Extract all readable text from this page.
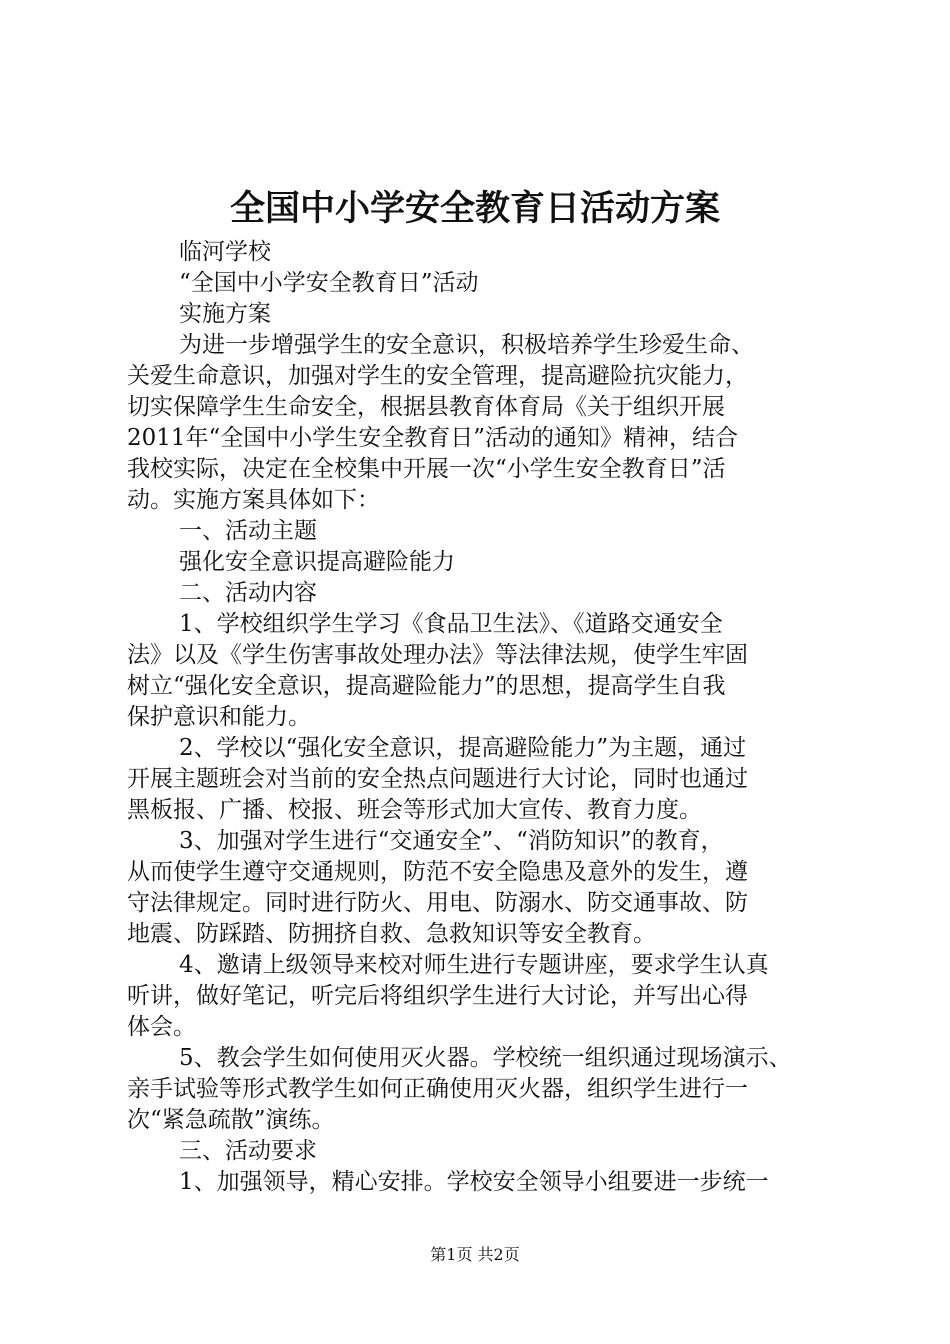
全国中小学安全教育日活动方案
临河学校
“全国中小学安全教育日”活动
实施方案
为进一步增强学生的安全意识，积极培养学生珍爱生命、
关爱生命意识，加强对学生的安全管理，提高避险抗灾能力，
切实保障学生生命安全，根据县教育体育局《关于组织开展
2011年“全国中小学生安全教育日”活动的通知》精神，结合
我校实际，决定在全校集中开展一次“小学生安全教育日”活
动。实施方案具体如下：
一、活动主题
强化安全意识提高避险能力
二、活动内容
1、学校组织学生学习《食品卫生法》、《道路交通安全
法》以及《学生伤害事故处理办法》等法律法规，使学生牢固
树立“强化安全意识，提高避险能力”的思想，提高学生自我
保护意识和能力。
2、学校以“强化安全意识，提高避险能力”为主题，通过
开展主题班会对当前的安全热点问题进行大讨论，同时也通过
黑板报、广播、校报、班会等形式加大宣传、教育力度。
3、加强对学生进行“交通安全”、“消防知识”的教育，
从而使学生遵守交通规则，防范不安全隐患及意外的发生，遵
守法律规定。同时进行防火、用电、防溺水、防交通事故、防
地震、防踩踏、防拥挤自救、急救知识等安全教育。
4、邀请上级领导来校对师生进行专题讲座，要求学生认真
听讲，做好笔记，听完后将组织学生进行大讨论，并写出心得
体会。
5、教会学生如何使用灭火器。学校统一组织通过现场演示、
亲手试验等形式教学生如何正确使用灭火器，组织学生进行一
次“紧急疏散”演练。
三、活动要求
1、加强领导，精心安排。学校安全领导小组要进一步统一
第1页 共2页
